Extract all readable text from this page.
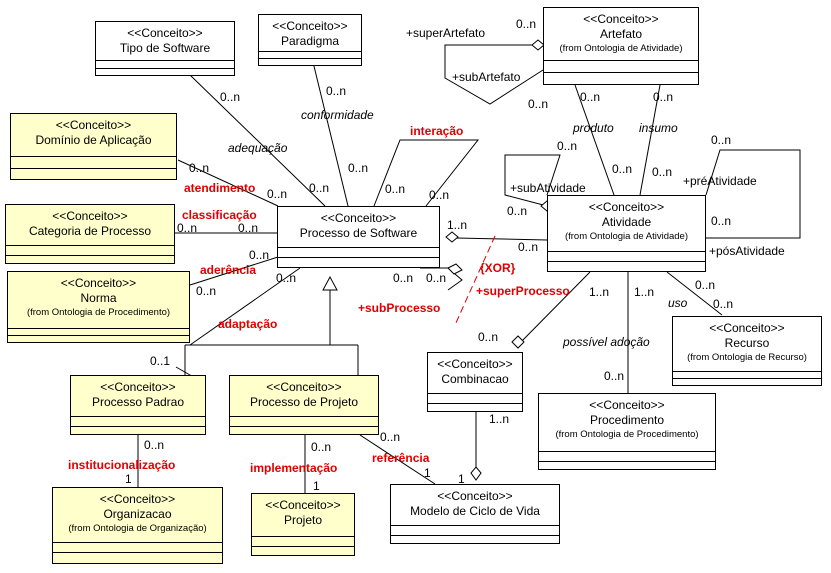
<<Conceito>>
Tipo de Software
<<Conceito>>
Paradigma
<<Conceito>>
Artefato
(from Ontologia de Atividade)
<<Conceito>>
Domínio de Aplicação
<<Conceito>>
Categoria de Processo
<<Conceito>>
Processo de Software
<<Conceito>>
Atividade
(from Ontologia de Atividade)
<<Conceito>>
Norma
(from Ontologia de Procedimento)
<<Conceito>>
Recurso
(from Ontologia de Recurso)
<<Conceito>>
Combinacao
<<Conceito>>
Processo Padrao
<<Conceito>>
Processo de Projeto	<<Conceito>>
Procedimento
(from Ontologia de Procedimento)
<<Conceito>>
Organizacao
(from Ontologia de Organização)
<<Conceito>>
Projeto
<<Conceito>>
Modelo de Ciclo de Vida
adequação
conformidade
produto insumo
uso
possível adoção
interação
atendimento
classificação
aderência
adaptação
institucionalização	implementação
referência
{XOR}
+superProcesso
+subProcesso
+superArtefato
+subArtefato
+subAtividade	+préAtividade
+pósAtividade
0..n	0..n
0..n
0..n	0..n	0..n
0..n
0..n 0..n
0..n
0..n 0..n
0..n	0..n
0..n
0..n
0..n
0..1
1..n
0..n
0..n 0..n
0..n
0..n
0..n 0..n
0..n
0..n
0..n
0..n
1..n 1..n
0..n
0..n
1..n
1
0..n
1
0..n
1
0..n
1
